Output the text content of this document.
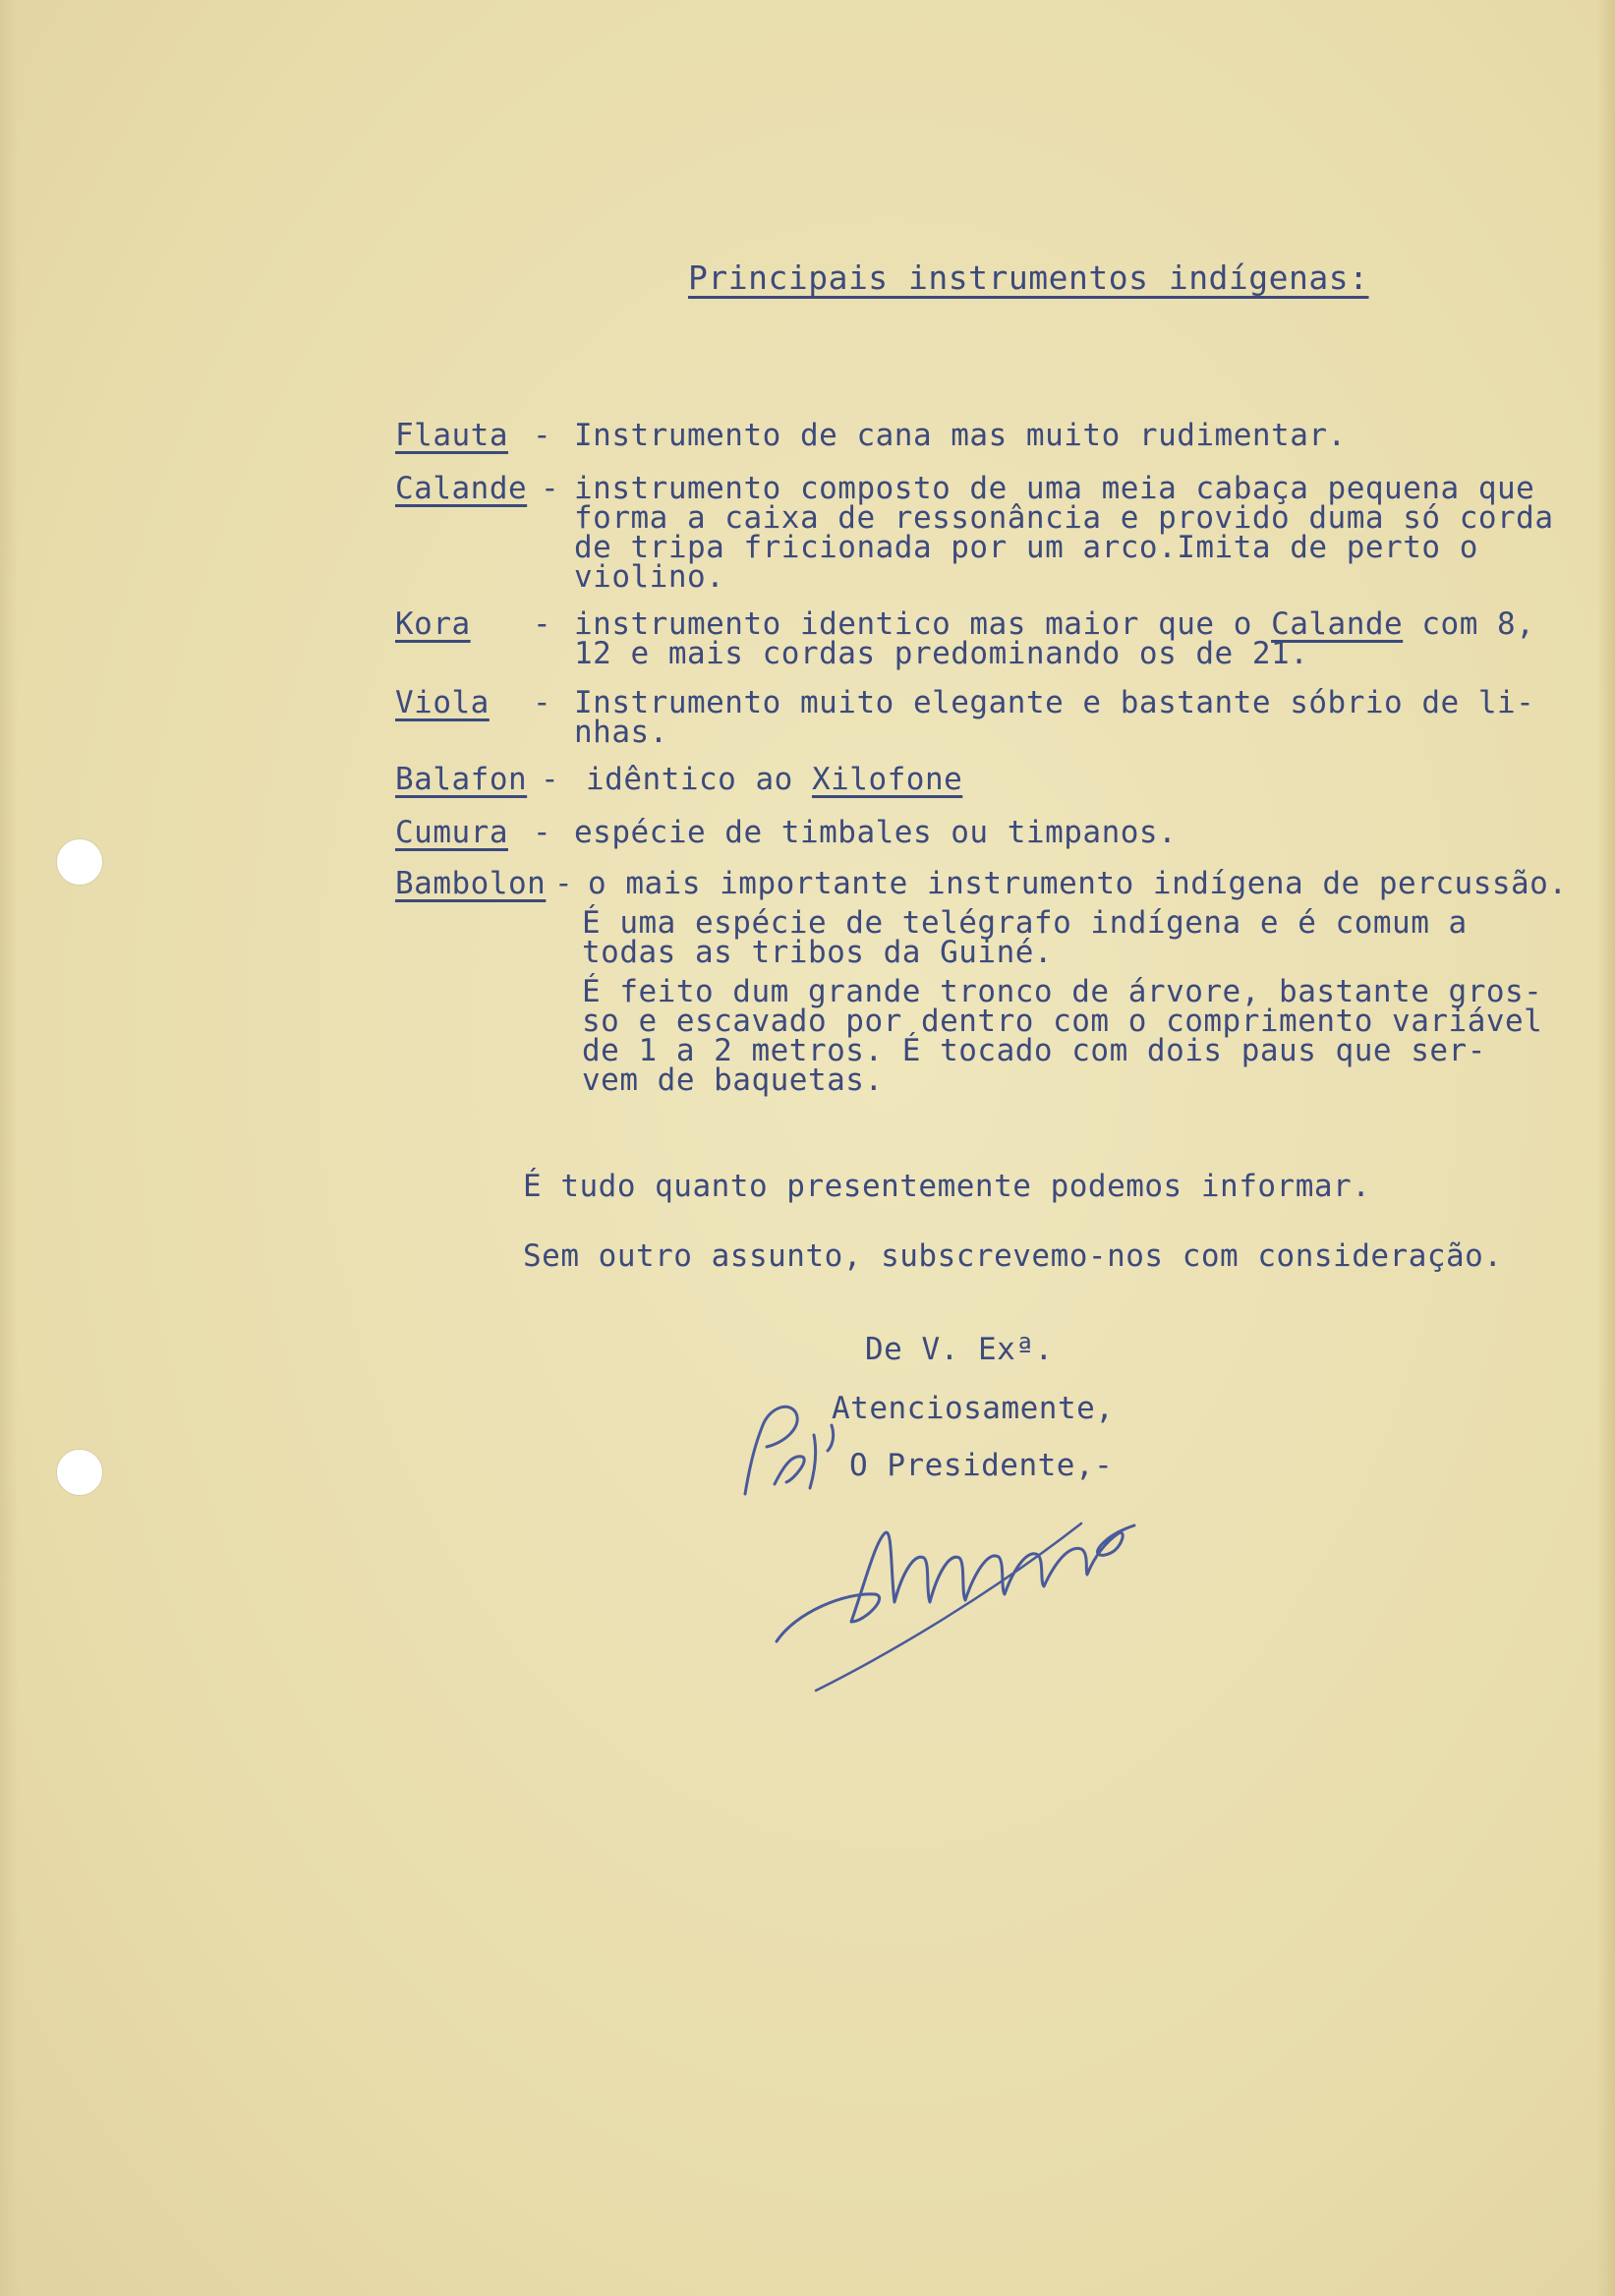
Principais instrumentos indígenas:

Flauta

-

Instrumento de cana mas muito rudimentar.

Calande

-

instrumento composto de uma meia cabaça pequena que

forma a caixa de ressonância e provido duma só corda

de tripa fricionada por um arco.Imita de perto o

violino.

Kora

-

instrumento identico mas maior que o Calande com 8,

12 e mais cordas predominando os de 21.

Viola

-

Instrumento muito elegante e bastante sóbrio de li-

nhas.

Balafon

-

idêntico ao Xilofone

Cumura

-

espécie de timbales ou timpanos.

Bambolon

-

o mais importante instrumento indígena de percussão.

É uma espécie de telégrafo indígena e é comum a

todas as tribos da Guiné.

É feito dum grande tronco de árvore, bastante gros-

so e escavado por dentro com o comprimento variável

de 1 a 2 metros. É tocado com dois paus que ser-

vem de baquetas.

É tudo quanto presentemente podemos informar.
Sem outro assunto, subscrevemo-nos com consideração.
De V. Exª.
Atenciosamente,
O Presidente,-
